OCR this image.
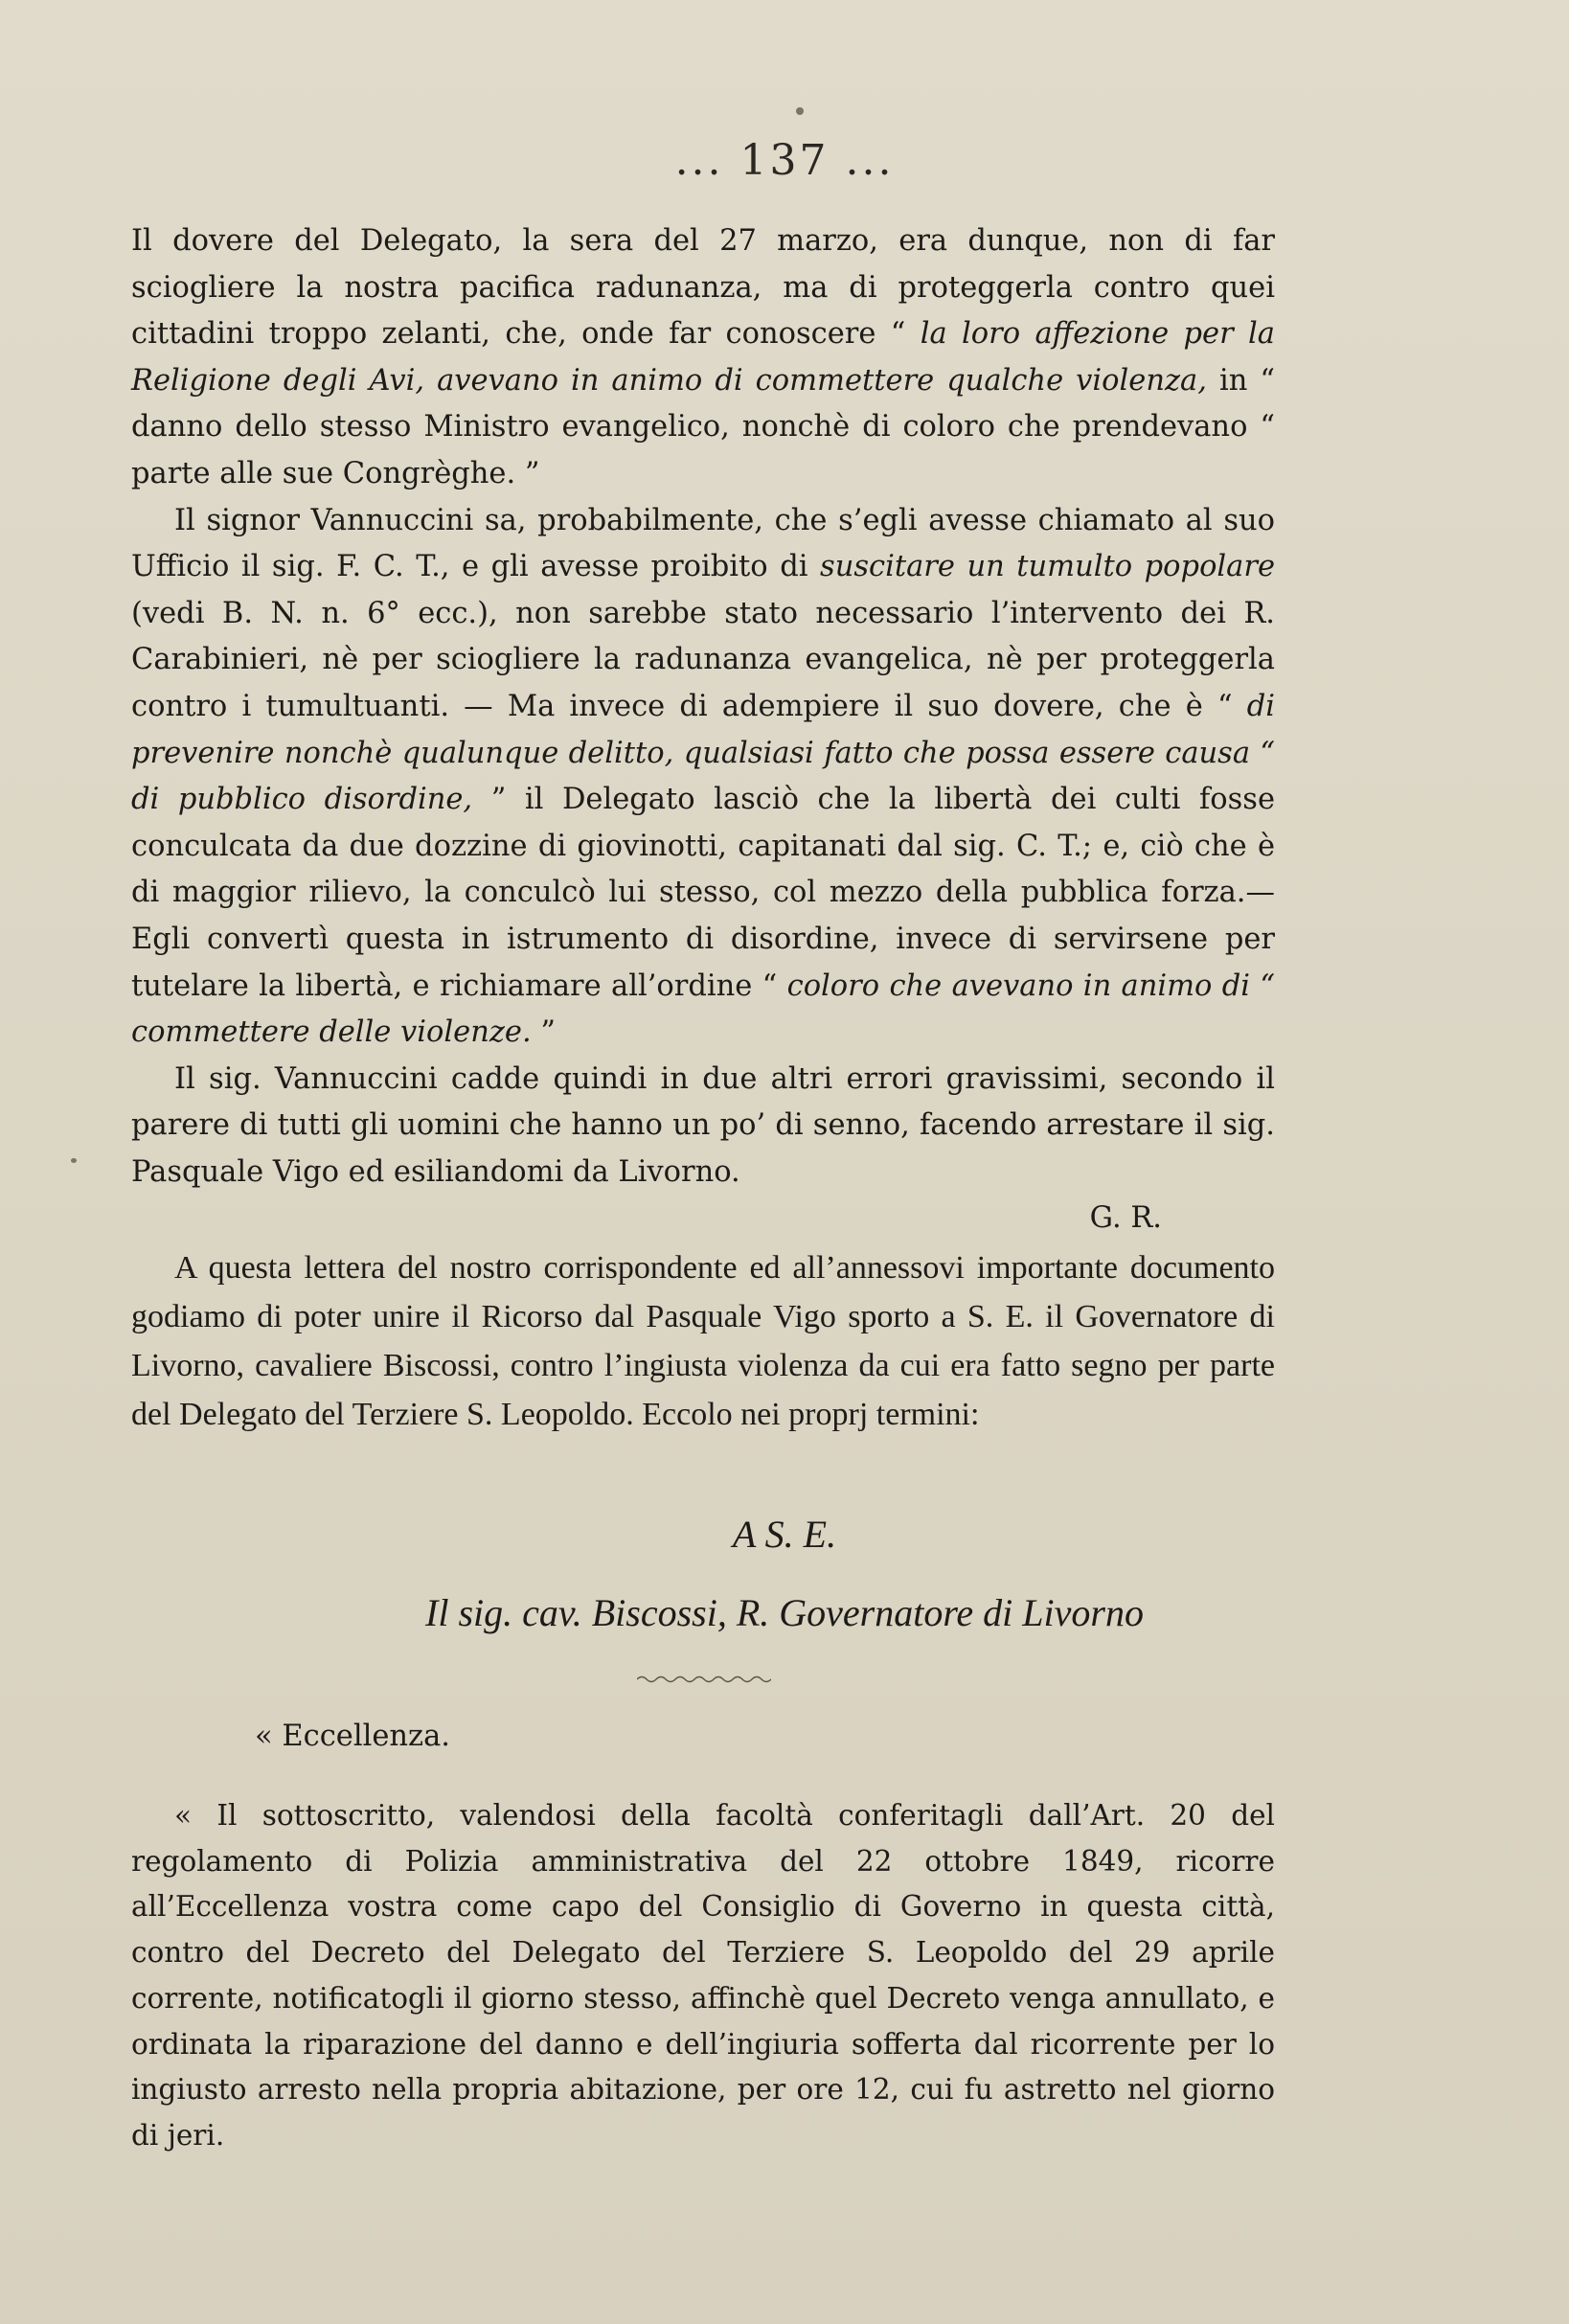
... 137 ...

Il dovere del Delegato, la sera del 27 marzo, era dunque, non di far sciogliere la nostra pacifica radunanza, ma di proteggerla contro quei cittadini troppo zelanti, che, onde far conoscere “ la loro affezione per la Religione degli Avi, avevano in animo di commettere qualche violenza, in “ danno dello stesso Ministro evangelico, nonchè di coloro che prendevano “ parte alle sue Congrèghe. ”

Il signor Vannuccini sa, probabilmente, che s’egli avesse chiamato al suo Ufficio il sig. F. C. T., e gli avesse proibito di suscitare un tumulto popolare (vedi B. N. n. 6° ecc.), non sarebbe stato necessario l’intervento dei R. Carabinieri, nè per sciogliere la radunanza evangelica, nè per proteggerla contro i tumultuanti. — Ma invece di adempiere il suo dovere, che è “ di prevenire nonchè qualunque delitto, qualsiasi fatto che possa essere causa “ di pubblico disordine, ” il Delegato lasciò che la libertà dei culti fosse conculcata da due dozzine di giovinotti, capitanati dal sig. C. T.; e, ciò che è di maggior rilievo, la conculcò lui stesso, col mezzo della pubblica forza.— Egli convertì questa in istrumento di disordine, invece di servirsene per tutelare la libertà, e richiamare all’ordine “ coloro che avevano in animo di “ commettere delle violenze. ”

Il sig. Vannuccini cadde quindi in due altri errori gravissimi, secondo il parere di tutti gli uomini che hanno un po’ di senno, facendo arrestare il sig. Pasquale Vigo ed esiliandomi da Livorno.

G. R.

A questa lettera del nostro corrispondente ed all’annessovi importante documento godiamo di poter unire il Ricorso dal Pasquale Vigo sporto a S. E. il Governatore di Livorno, cavaliere Biscossi, contro l’ingiusta violenza da cui era fatto segno per parte del Delegato del Terziere S. Leopoldo. Eccolo nei proprj termini:

A S. E.
Il sig. cav. Biscossi, R. Governatore di Livorno
« Eccellenza.

« Il sottoscritto, valendosi della facoltà conferitagli dall’Art. 20 del regolamento di Polizia amministrativa del 22 ottobre 1849, ricorre all’Eccellenza vostra come capo del Consiglio di Governo in questa città, contro del Decreto del Delegato del Terziere S. Leopoldo del 29 aprile corrente, notificatogli il giorno stesso, affinchè quel Decreto venga annullato, e ordinata la riparazione del danno e dell’ingiuria sofferta dal ricorrente per lo ingiusto arresto nella propria abitazione, per ore 12, cui fu astretto nel giorno di jeri.
